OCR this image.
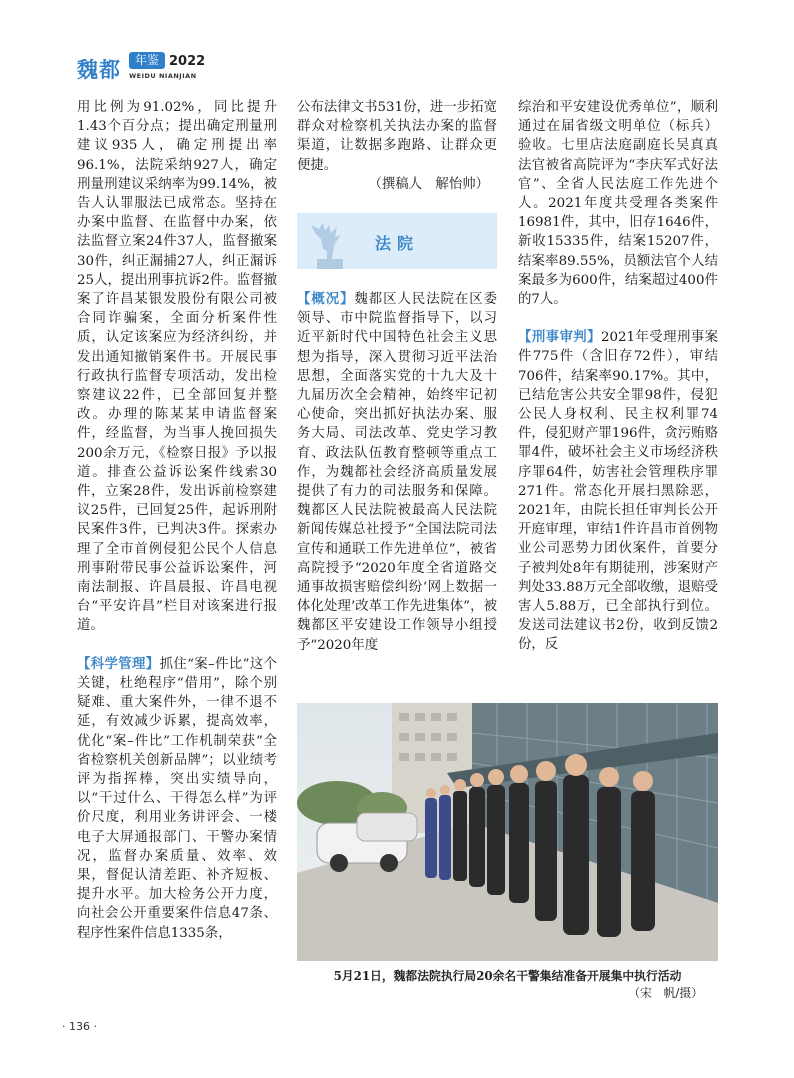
魏都	年鉴 2022
WEIDU NIANJIAN

用比例为91.02%，同比提升1.43个百分点；提出确定刑量刑建议935人，确定刑提出率96.1%，法院采纳927人，确定刑量刑建议采纳率为99.14%，被告人认罪服法已成常态。坚持在办案中监督、在监督中办案，依法监督立案24件37人，监督撤案30件，纠正漏捕27人，纠正漏诉25人，提出刑事抗诉2件。监督撤案了许昌某银发股份有限公司被合同诈骗案，全面分析案件性质，认定该案应为经济纠纷，并发出通知撤销案件书。开展民事行政执行监督专项活动，发出检察建议22件，已全部回复并整改。办理的陈某某申请监督案件，经监督，为当事人挽回损失200余万元，《检察日报》予以报道。排查公益诉讼案件线索30件，立案28件，发出诉前检察建议25件，已回复25件，起诉刑附民案件3件，已判决3件。探索办理了全市首例侵犯公民个人信息刑事附带民事公益诉讼案件，河南法制报、许昌晨报、许昌电视台“平安许昌”栏目对该案进行报道。

【科学管理】抓住“案–件比”这个关键，杜绝程序“借用”，除个别疑难、重大案件外，一律不退不延，有效减少诉累，提高效率，优化“案–件比”工作机制荣获“全省检察机关创新品牌”；以业绩考评为指挥棒，突出实绩导向，以“干过什么、干得怎么样”为评价尺度，利用业务讲评会、一楼电子大屏通报部门、干警办案情况，监督办案质量、效率、效果，督促认清差距、补齐短板、提升水平。加大检务公开力度，向社会公开重要案件信息47条、程序性案件信息1335条，

公布法律文书531份，进一步拓宽群众对检察机关执法办案的监督渠道，让数据多跑路、让群众更便捷。

（撰稿人　解怡帅）

法院

【概况】魏都区人民法院在区委领导、市中院监督指导下，以习近平新时代中国特色社会主义思想为指导，深入贯彻习近平法治思想，全面落实党的十九大及十九届历次全会精神，始终牢记初心使命，突出抓好执法办案、服务大局、司法改革、党史学习教育、政法队伍教育整顿等重点工作，为魏都社会经济高质量发展提供了有力的司法服务和保障。魏都区人民法院被最高人民法院新闻传媒总社授予“全国法院司法宣传和通联工作先进单位”，被省高院授予“2020年度全省道路交通事故损害赔偿纠纷‘网上数据一体化处理’改革工作先进集体”，被魏都区平安建设工作领导小组授予“2020年度

综治和平安建设优秀单位”，顺利通过在届省级文明单位（标兵）验收。七里店法庭副庭长吴真真法官被省高院评为“李庆军式好法官”、全省人民法庭工作先进个人。2021年度共受理各类案件16981件，其中，旧存1646件，新收15335件，结案15207件，结案率89.55%，员额法官个人结案最多为600件，结案超过400件的7人。

【刑事审判】2021年受理刑事案件775件（含旧存72件），审结706件，结案率90.17%。其中，已结危害公共安全罪98件，侵犯公民人身权利、民主权利罪74件，侵犯财产罪196件，贪污贿赂罪4件，破坏社会主义市场经济秩序罪64件，妨害社会管理秩序罪271件。常态化开展扫黑除恶，2021年，由院长担任审判长公开开庭审理，审结1件许昌市首例物业公司恶势力团伙案件，首要分子被判处8年有期徒刑，涉案财产判处33.88万元全部收缴，退赔受害人5.88万，已全部执行到位。发送司法建议书2份，收到反馈2份，反

5月21日，魏都法院执行局20余名干警集结准备开展集中执行活动
（宋　帆/摄）
· 136 ·
